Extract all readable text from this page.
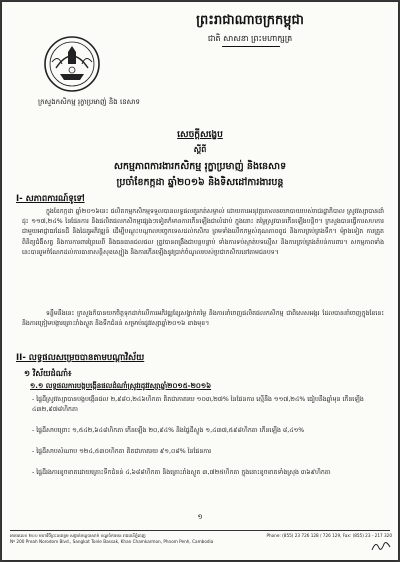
ព្រះរាជាណាចក្រកម្ពុជា
ជាតិ សាសនា ព្រះមហាក្សត្រ
ក្រសួងកសិកម្ម រុក្ខាប្រមាញ់ និង នេសាទ
សេចក្តីសង្ខេប
ស្តីពី
សកម្មភាពការងារកសិកម្ម រុក្ខាប្រមាញ់ និងនេសាទ
ប្រចាំខែកក្កដា ឆ្នាំ២០១៦ និងទិសដៅការងារបន្ត
I- សភាពការណ៍ទូទៅ
ក្នុងខែកក្កដា ឆ្នាំ២០១៦នេះ ផលិតកម្មកសិកម្មទទួលបានលទ្ធផលគួរកត់សម្គាល់ ដោយការអនុវត្តគោលនយោបាយរបស់រាជរដ្ឋាភិបាល ស្រូវវស្សាបានដាំដុះ ១១៧,២៤% នៃផែនការ និងផលិតផលកសិកម្មផ្សេងៗទៀតក៏មានការកើនឡើងជាលំដាប់ ក្នុងនោះ តម្លៃស្រូវបានកើនឡើងបន្តិច។ ក្រសួងបានធ្វើការសហការជាមួយអាជ្ញាធរដែនដី និងដៃគូអភិវឌ្ឍន៍ ដើម្បីបណ្តុះបណ្តាលបច្ចេកទេសដល់កសិករ ព្រមទាំងលើកកម្ពស់គុណភាពពូជ និងការគ្រប់គ្រងទឹក។ ម៉្យាងទៀត ការត្រួតពិនិត្យជំងឺសត្វ និងការការពារព្រៃឈើ និងធនធានជលផល ត្រូវបានពង្រឹងជាបន្តបន្ទាប់ ទាំងការទប់ស្កាត់បទល្មើស និងការគ្រប់គ្រងតំបន់ការពារ។ សកម្មភាពទាំងនេះបានរួមចំណែកដល់ការធានាសន្តិសុខស្បៀង និងការកើនឡើងនូវប្រាក់ចំណូលរបស់ប្រជាកសិករនៅតាមជនបទ។
ទន្ទឹមនឹងនេះ ក្រសួងក៏បានយកចិត្តទុកដាក់លើការអភិវឌ្ឍខ្សែសង្វាក់តម្លៃ និងការនាំចេញផលិតផលកសិកម្ម ជាពិសេសអង្ករ ដែលបាននាំចេញក្នុងខែនេះ និងការត្រៀមបង្ការគ្រោះរាំងស្ងួត និងទឹកជំនន់ សម្រាប់រដូវវស្សាឆ្នាំ២០១៦ ខាងមុខ។
II- លទ្ធផលសម្រេចបានតាមបណ្តាវិស័យ
១ វិស័យដំណាំ៖
១.១ លទ្ធផលការបង្កបង្កើនផលដំណាំស្រូវរដូវវស្សាឆ្នាំ២០១៥-២០១៦
- ផ្ទៃដីស្រូវវស្សាបានបង្កបង្កើនផល ២,៩៨០,២៤៦ហិកតា គិតជាភាគរយ ១០៣,២៧% នៃផែនការ ស្មើនឹង ១១៧,២៤% ធៀបនឹងឆ្នាំមុន កើនឡើង ៤៣២,៩៧៨ហិកតា
- ផ្ទៃដីសាបព្រោះ ១,៥៤២,៦៤៨ហិកតា កើនឡើង ២០,៩៤% និងផ្ទៃដីស្ទូង ១,៤៣៧,៥៩៨ហិកតា កើនឡើង ៨,៤១%
- ផ្ទៃដីសាបសំណាប ១២៤,៥៣០ហិកតា គិតជាភាគរយ ៩១,០៨% នៃផែនការ
- ផ្ទៃដីរងការខូចខាតដោយគ្រោះទឹកជំនន់ ៤,៦៨៨ហិកតា និងគ្រោះរាំងស្ងួត ៣,៧២៥ហិកតា ក្នុងនោះខូចខាតទាំងស្រុង ៣៦៩ហិកតា
១
អាគារលេខ ២០០ មហាវិថីព្រះនរោត្តម សង្កាត់ទន្លេបាសាក់ ខណ្ឌចំការមន រាជធានីភ្នំពេញ
Nº 200 Preah Norodom Blvd., Sangkat Tonle Bassak, Khan Chamkarmon, Phnom Penh, Cambodia
Phone: (855) 23 726 128 / 726 129, Fax: (855) 23 - 217 320
